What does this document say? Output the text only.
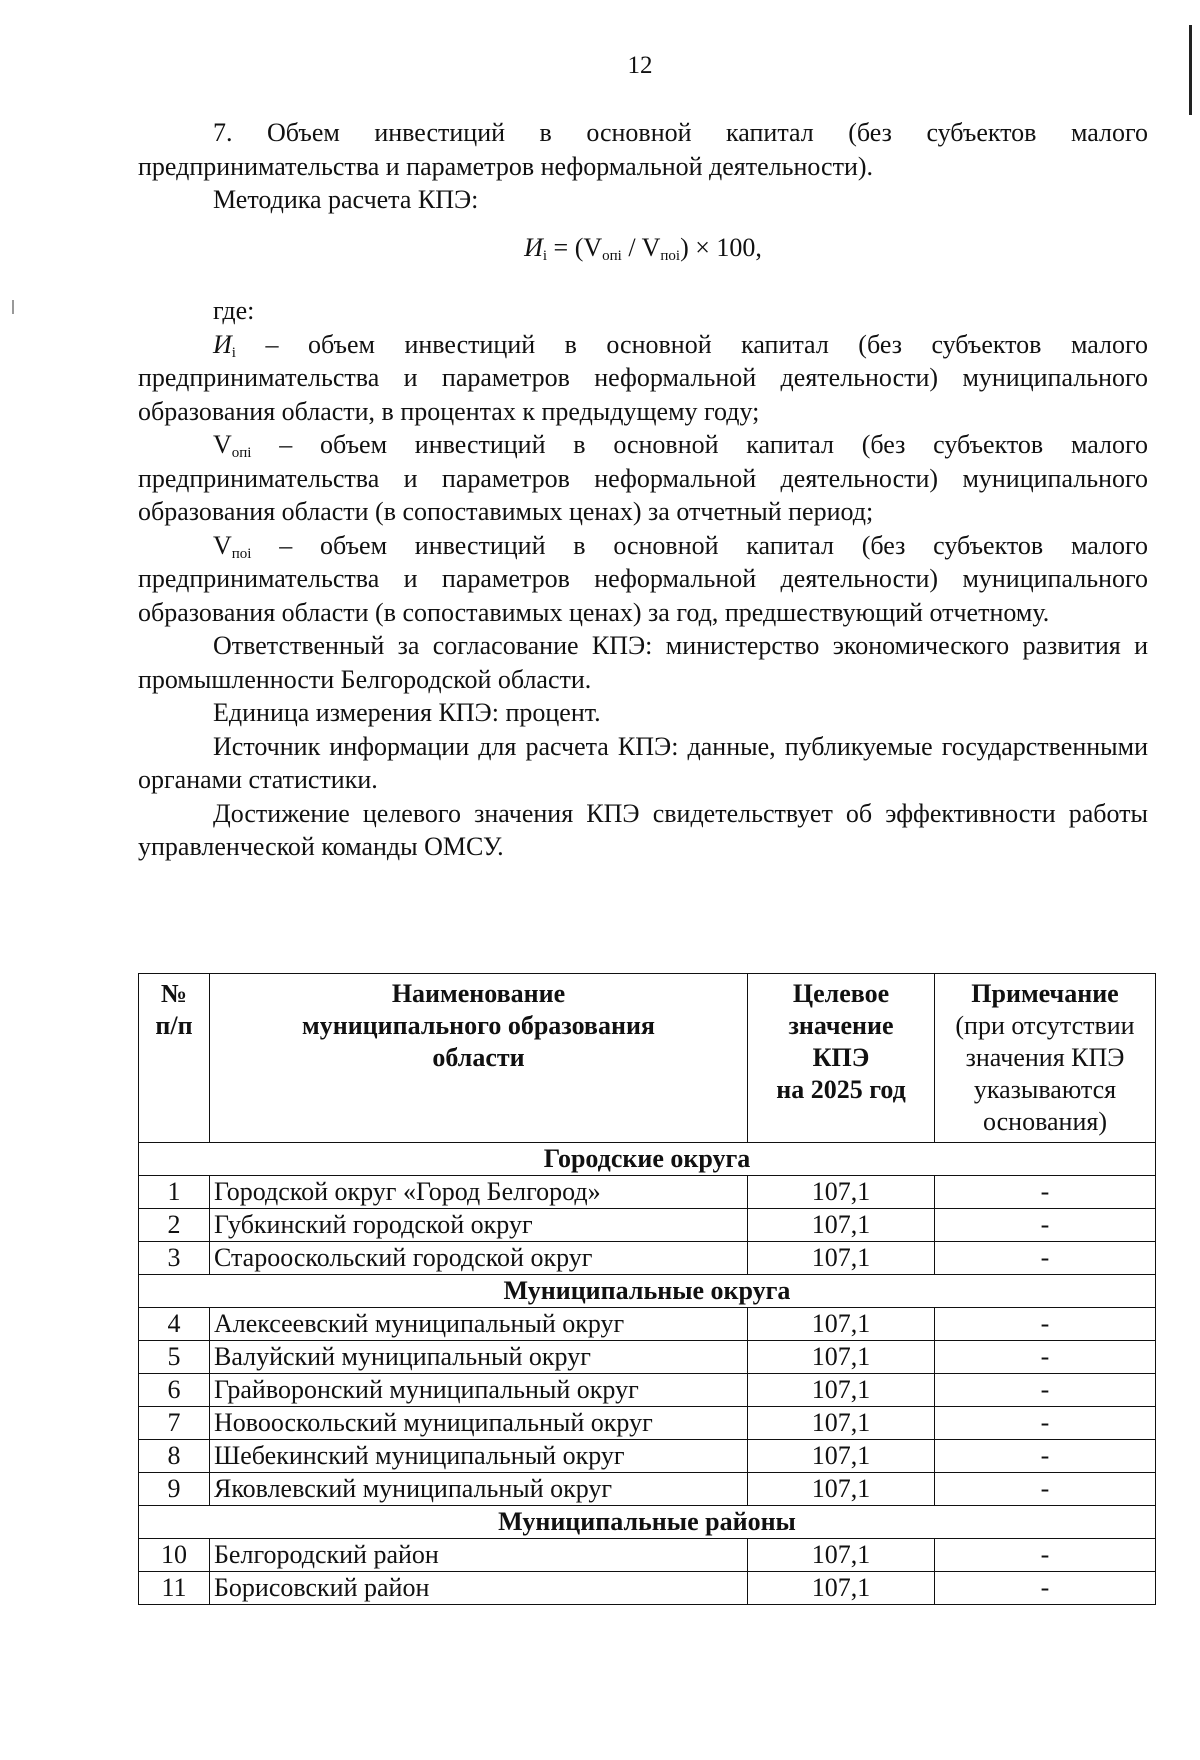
12

7. Объем инвестиций в основной капитал (без субъектов малого предпринимательства и параметров неформальной деятельности).

Методика расчета КПЭ:

$И_i = (V_{опi} / V_{поi}) \times 100$,

где:

$И_i$ – объем инвестиций в основной капитал (без субъектов малого предпринимательства и параметров неформальной деятельности) муниципального образования области, в процентах к предыдущему году;

$V_{опi}$ – объем инвестиций в основной капитал (без субъектов малого предпринимательства и параметров неформальной деятельности) муниципального образования области (в сопоставимых ценах) за отчетный период;

$V_{поi}$ – объем инвестиций в основной капитал (без субъектов малого предпринимательства и параметров неформальной деятельности) муниципального образования области (в сопоставимых ценах) за год, предшествующий отчетному.

Ответственный за согласование КПЭ: министерство экономического развития и промышленности Белгородской области.

Единица измерения КПЭ: процент.

Источник информации для расчета КПЭ: данные, публикуемые государственными органами статистики.

Достижение целевого значения КПЭ свидетельствует об эффективности работы управленческой команды ОМСУ.

№
п/п	Наименование
муниципального образования
области	Целевое
значение
КПЭ
на 2025 год	Примечание
(при отсутствии
значения КПЭ
указываются
основания)
Городские округа			
1	Городской округ «Город Белгород»	107,1	-
2	Губкинский городской округ	107,1	-
3	Старооскольский городской округ	107,1	-
Муниципальные округа			
4	Алексеевский муниципальный округ	107,1	-
5	Валуйский муниципальный округ	107,1	-
6	Грайворонский муниципальный округ	107,1	-
7	Новооскольский муниципальный округ	107,1	-
8	Шебекинский муниципальный округ	107,1	-
9	Яковлевский муниципальный округ	107,1	-
Муниципальные районы			
10	Белгородский район	107,1	-
11	Борисовский район	107,1	-
